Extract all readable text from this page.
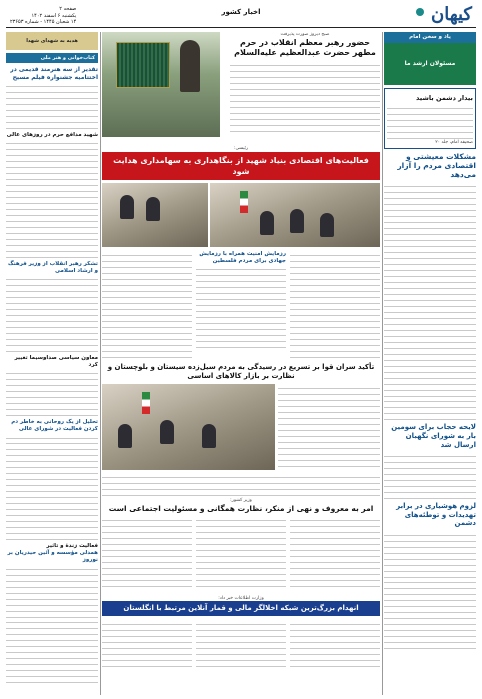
کیهان
اخبار کشور
صفحه ۲
یکشنبه ۶ اسفند ۱۴۰۲
۱۴ شعبان ۱۴۴۵ - شماره ۲۳۶۵۳
یاد و سخن امام
مسئولان ارشد ما
بیدار دشمن باشید
صحیفه امام، جلد ۲۰
مشکلات معیشتی و اقتصادی مردم را آزار می‌دهد
لایحه حجاب برای سومین بار به شورای نگهبان ارسال شد
لزوم هوشیاری در برابر تهدیدات و توطئه‌های دشمن
هدیه به شهدای شهدا
کتاب‌خوانی و هنر ملی
تقدیر از سه هنرمند قدیمی در اختتامیه جشنواره فیلم مسیح
شهید مدافع حرم در روزهای عالی
تشکر رهبر انقلاب از وزیر فرهنگ و ارشاد اسلامی
معاون سیاسی صداوسیما تغییر کرد
تحلیل از یک روحانی به خاطر دم کردن فعالیت در شورای عالی
فعالیت زندهٔ و تاثیر
همدلی مؤسسه و آئین حیدریان بر نوروز
صبح دیروز صورت پذیرفت
حضور رهبر معظم انقلاب در حرم مطهر حضرت عبدالعظیم علیه‌السلام
رئیسی:
فعالیت‌های اقتصادی بنیاد شهید از بنگاهداری به سهامداری هدایت شود
رزمایش امنیت همراه با رزمایش جهادی برای مردم فلسطین
تأکید سران قوا بر تسریع در رسیدگی به مردم سیل‌زده سیستان و بلوچستان و نظارت بر بازار کالاهای اساسی
وزیر کشور:
امر به معروف و نهی از منکر، نظارت همگانی و مسئولیت اجتماعی است
وزارت اطلاعات خبر داد:
انهدام بزرگ‌ترین شبکه اخلالگر مالی و قمار آنلاین مرتبط با انگلستان
